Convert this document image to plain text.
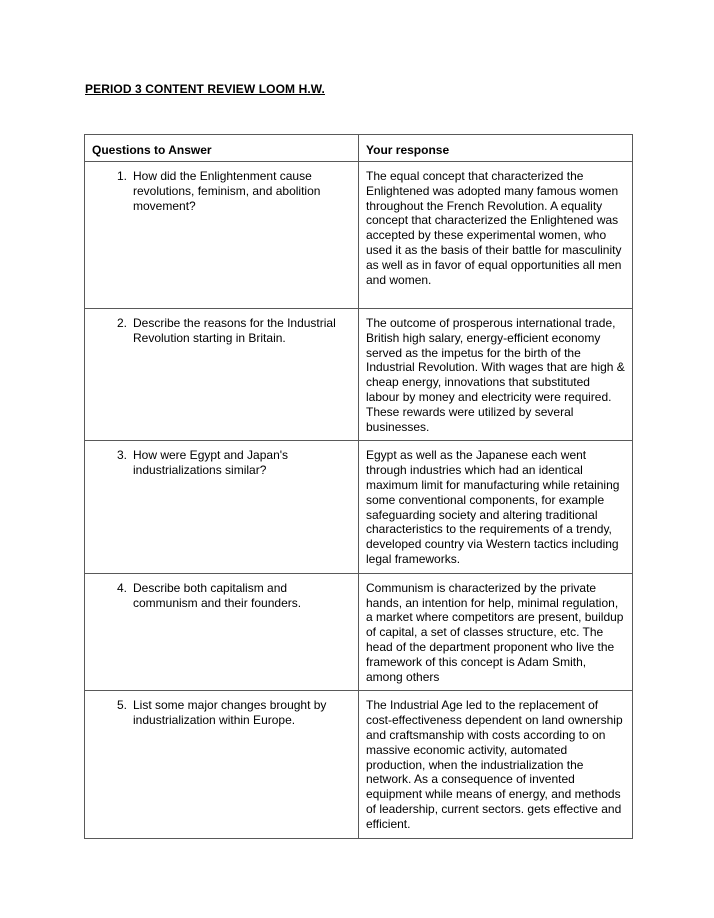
PERIOD 3 CONTENT REVIEW LOOM H.W.
Questions to Answer	Your response

1. How did the Enlightenment cause revolutions, feminism, and abolition movement?	The equal concept that characterized the Enlightened was adopted many famous women throughout the French Revolution. A equality concept that characterized the Enlightened was accepted by these experimental women, who used it as the basis of their battle for masculinity as well as in favor of equal opportunities all men and women.

2. Describe the reasons for the Industrial Revolution starting in Britain.	The outcome of prosperous international trade, British high salary, energy-efficient economy served as the impetus for the birth of the Industrial Revolution. With wages that are high & cheap energy, innovations that substituted labour by money and electricity were required. These rewards were utilized by several businesses.

3. How were Egypt and Japan's industrializations similar?	Egypt as well as the Japanese each went through industries which had an identical maximum limit for manufacturing while retaining some conventional components, for example safeguarding society and altering traditional characteristics to the requirements of a trendy, developed country via Western tactics including legal frameworks.

4. Describe both capitalism and communism and their founders.	Communism is characterized by the private hands, an intention for help, minimal regulation, a market where competitors are present, buildup of capital, a set of classes structure, etc. The head of the department proponent who live the framework of this concept is Adam Smith, among others

5. List some major changes brought by industrialization within Europe.	The Industrial Age led to the replacement of cost-effectiveness dependent on land ownership and craftsmanship with costs according to on massive economic activity, automated production, when the industrialization the network. As a consequence of invented equipment while means of energy, and methods of leadership, current sectors. gets effective and efficient.
